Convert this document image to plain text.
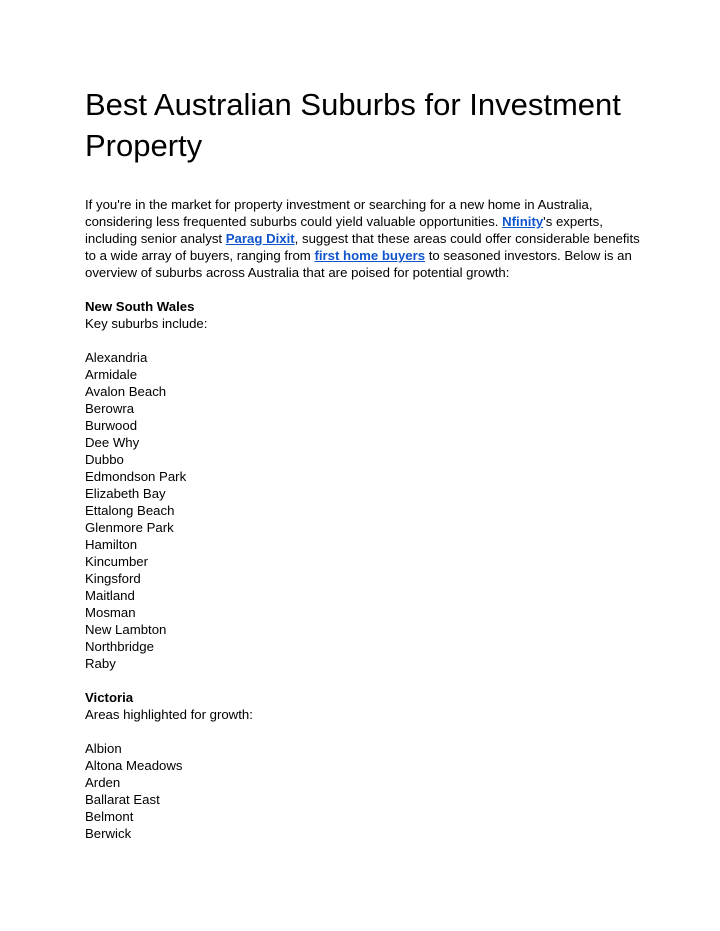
Best Australian Suburbs for Investment Property

If you're in the market for property investment or searching for a new home in Australia, considering less frequented suburbs could yield valuable opportunities. Nfinity's experts, including senior analyst Parag Dixit, suggest that these areas could offer considerable benefits to a wide array of buyers, ranging from first home buyers to seasoned investors. Below is an overview of suburbs across Australia that are poised for potential growth:

New South Wales

Key suburbs include:

Alexandria
Armidale
Avalon Beach
Berowra
Burwood
Dee Why
Dubbo
Edmondson Park
Elizabeth Bay
Ettalong Beach
Glenmore Park
Hamilton
Kincumber
Kingsford
Maitland
Mosman
New Lambton
Northbridge
Raby

Victoria

Areas highlighted for growth:

Albion
Altona Meadows
Arden
Ballarat East
Belmont
Berwick
